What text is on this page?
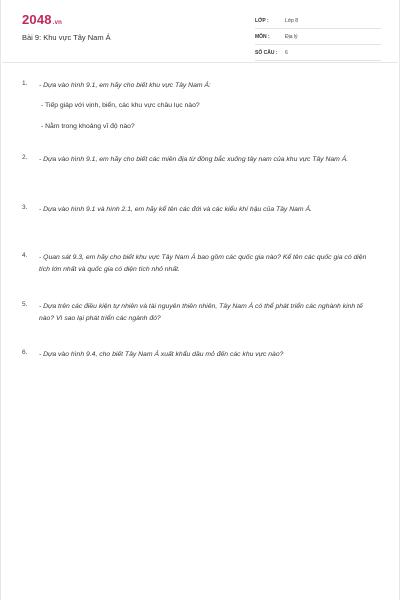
2048.vn
Bài 9: Khu vực Tây Nam Á
LỚP :	Lớp 8
MÔN :	Địa lý
SỐ CÂU : 6
1. - Dựa vào hình 9.1, em hãy cho biết khu vực Tây Nam Á:
- Tiếp giáp với vịnh, biển, các khu vực châu lục nào?
- Nằm trong khoảng vĩ độ nào?
2. - Dựa vào hình 9.1, em hãy cho biết các miền địa từ đông bắc xuống tây nam của khu vực Tây Nam Á.
3. - Dựa vào hình 9.1 và hình 2.1, em hãy kể tên các đới và các kiểu khí hậu của Tây Nam Á.
4. - Quan sát 9.3, em hãy cho biết khu vực Tây Nam Á bao gồm các quốc gia nào? Kể tên các quốc gia có diện tích lớn nhất và quốc gia có diện tích nhỏ nhất.
5. - Dựa trên các điều kiện tự nhiên và tài nguyên thiên nhiên, Tây Nam Á có thể phát triển các nghành kinh tế nào? Vì sao lại phát triển các ngành đó?
6. - Dựa vào hình 9.4, cho biết Tây Nam Á xuất khẩu dầu mỏ đến các khu vực nào?
